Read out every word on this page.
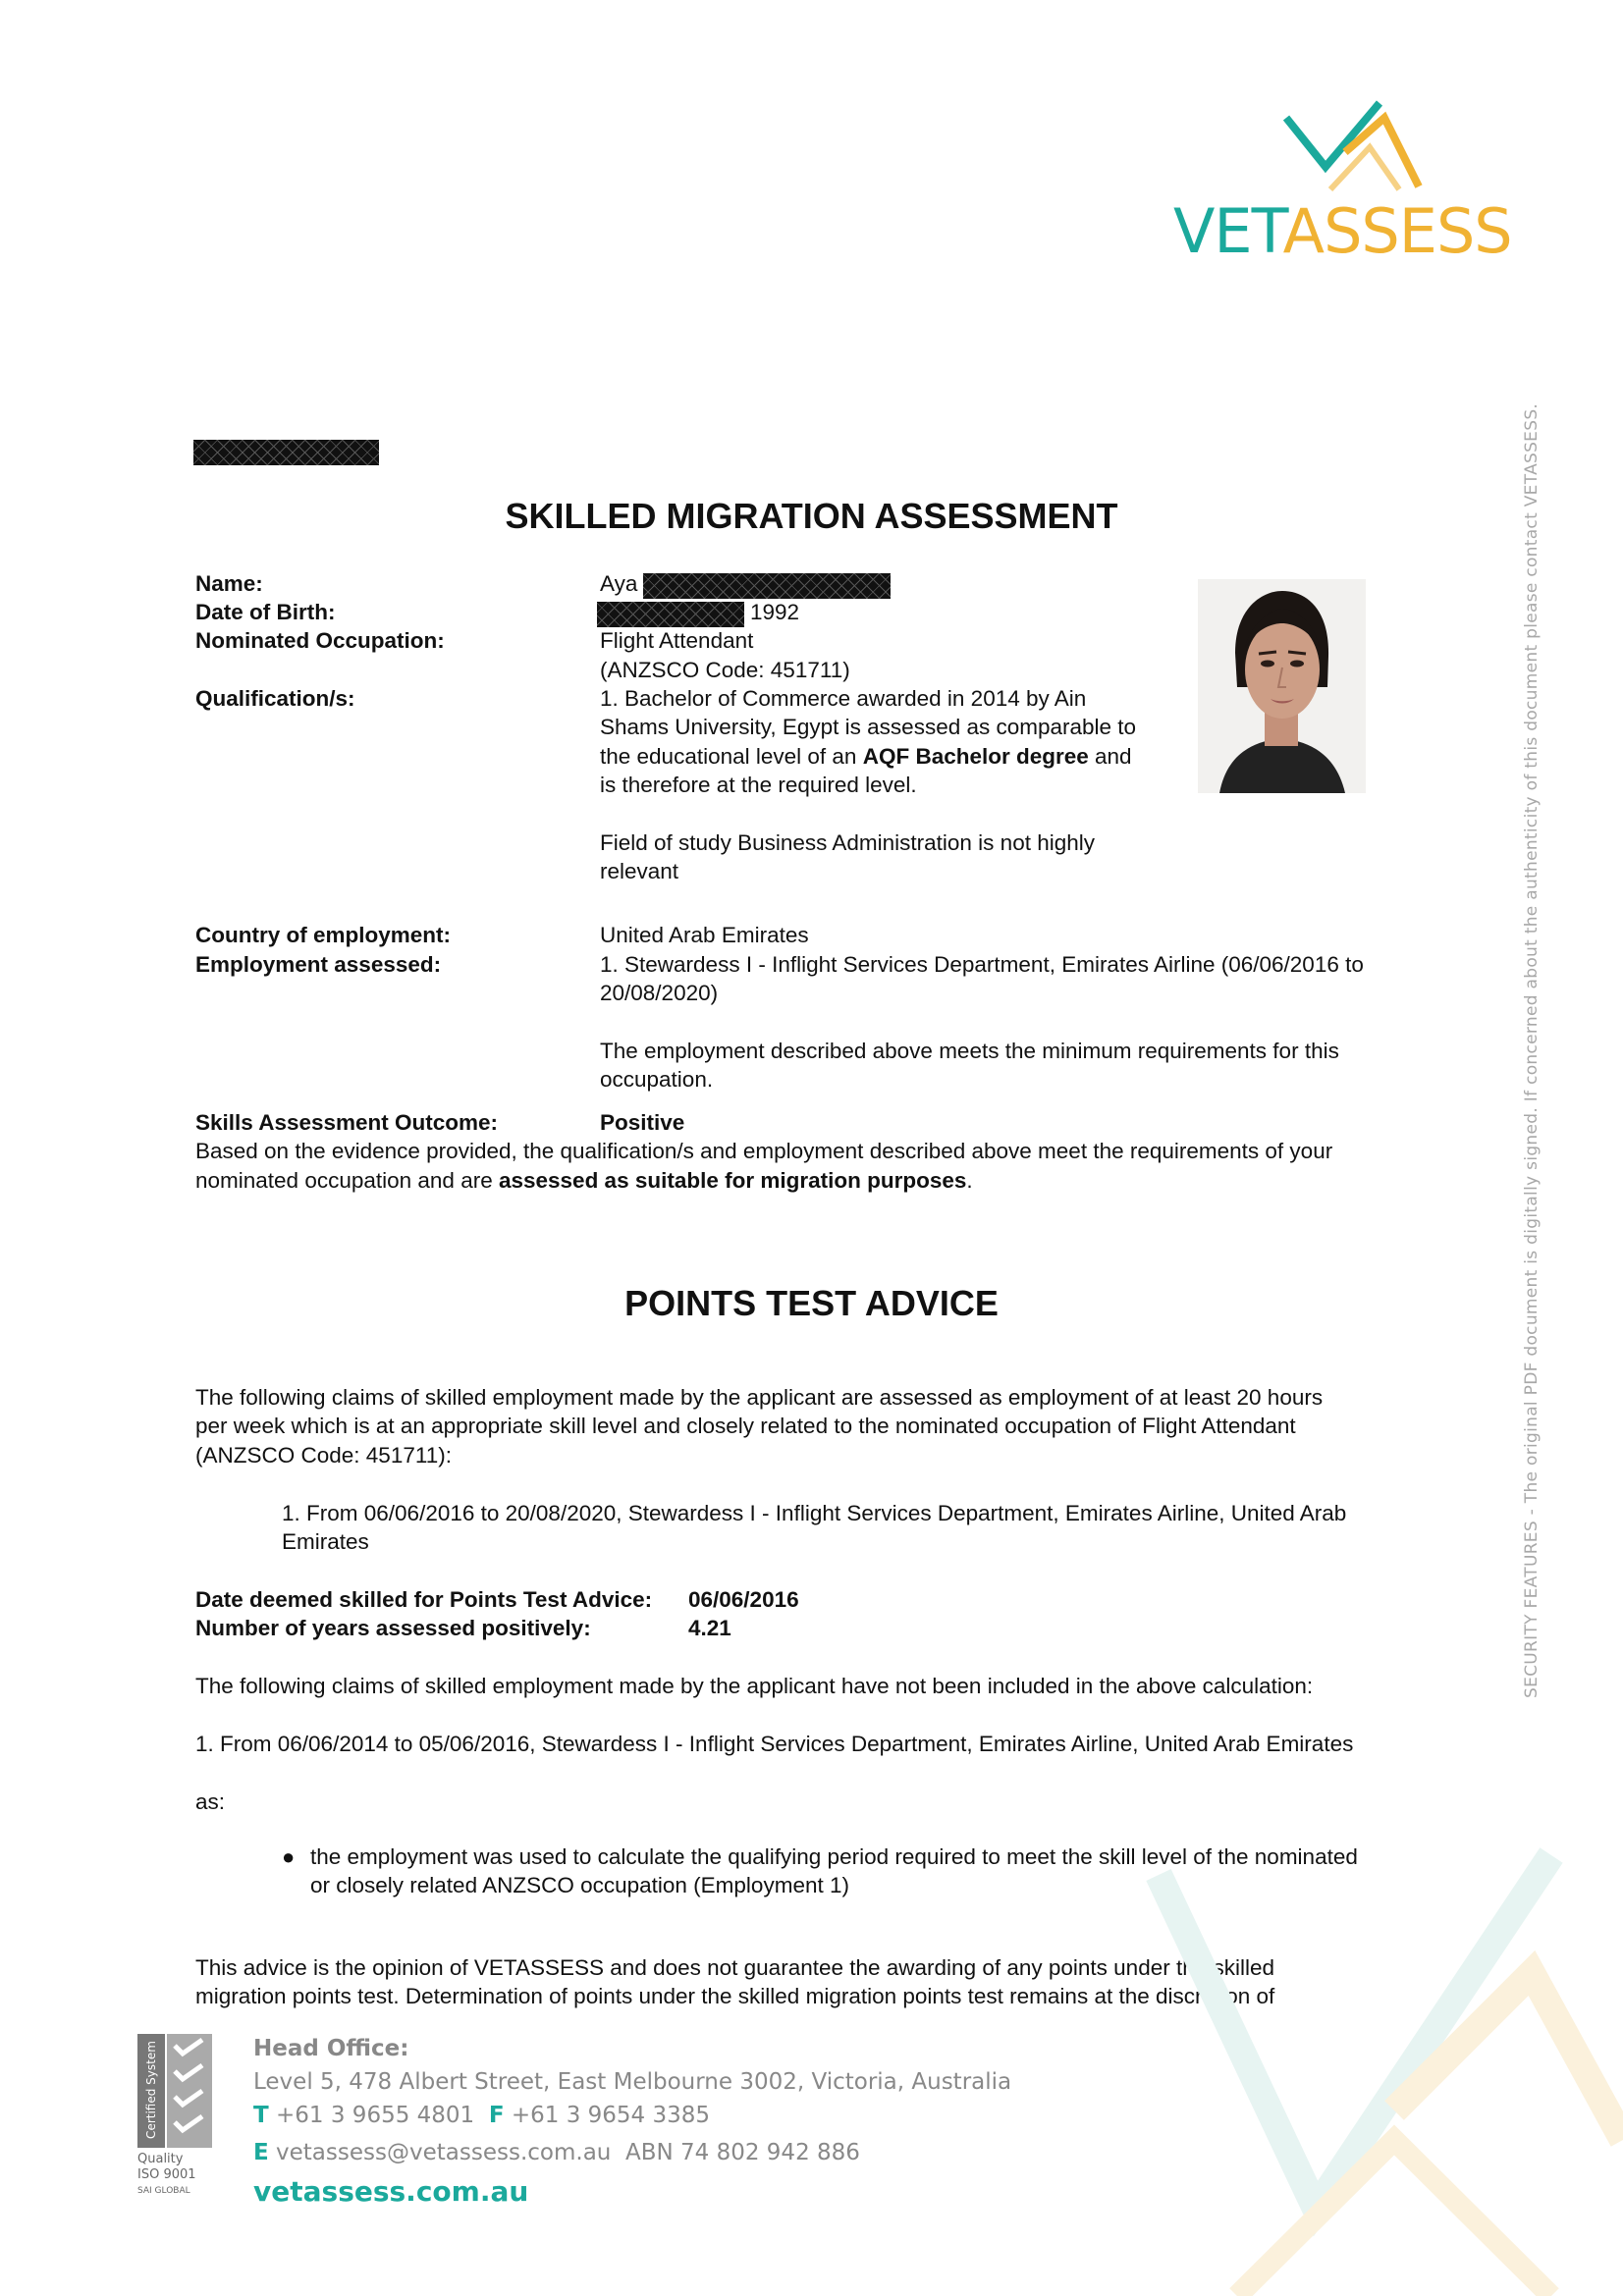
VETASSESS
SECURITY FEATURES - The original PDF document is digitally signed. If concerned about the authenticity of this document please contact VETASSESS.
SKILLED MIGRATION ASSESSMENT
Name:	Aya
Date of Birth:	1992
Nominated Occupation:	Flight Attendant
(ANZSCO Code: 451711)
Qualification/s:	1. Bachelor of Commerce awarded in 2014 by Ain
Shams University, Egypt is assessed as comparable to
the educational level of an AQF Bachelor degree and
is therefore at the required level.
Field of study Business Administration is not highly
relevant
Country of employment:	United Arab Emirates
Employment assessed:	1. Stewardess I - Inflight Services Department, Emirates Airline (06/06/2016 to
20/08/2020)
The employment described above meets the minimum requirements for this
occupation.
Skills Assessment Outcome:	Positive
Based on the evidence provided, the qualification/s and employment described above meet the requirements of your
nominated occupation and are assessed as suitable for migration purposes.
POINTS TEST ADVICE
The following claims of skilled employment made by the applicant are assessed as employment of at least 20 hours
per week which is at an appropriate skill level and closely related to the nominated occupation of Flight Attendant
(ANZSCO Code: 451711):
1. From 06/06/2016 to 20/08/2020, Stewardess I - Inflight Services Department, Emirates Airline, United Arab
Emirates
Date deemed skilled for Points Test Advice: 06/06/2016
Number of years assessed positively:	4.21
The following claims of skilled employment made by the applicant have not been included in the above calculation:
1. From 06/06/2014 to 05/06/2016, Stewardess I - Inflight Services Department, Emirates Airline, United Arab Emirates
as:
● the employment was used to calculate the qualifying period required to meet the skill level of the nominated
or closely related ANZSCO occupation (Employment 1)
This advice is the opinion of VETASSESS and does not guarantee the awarding of any points under the skilled
migration points test. Determination of points under the skilled migration points test remains at the discretion of
Certified System
Quality
ISO 9001
SAI GLOBAL
Head Office:
Level 5, 478 Albert Street, East Melbourne 3002, Victoria, Australia
T +61 3 9655 4801 F +61 3 9654 3385
E vetassess@vetassess.com.au ABN 74 802 942 886
vetassess.com.au
